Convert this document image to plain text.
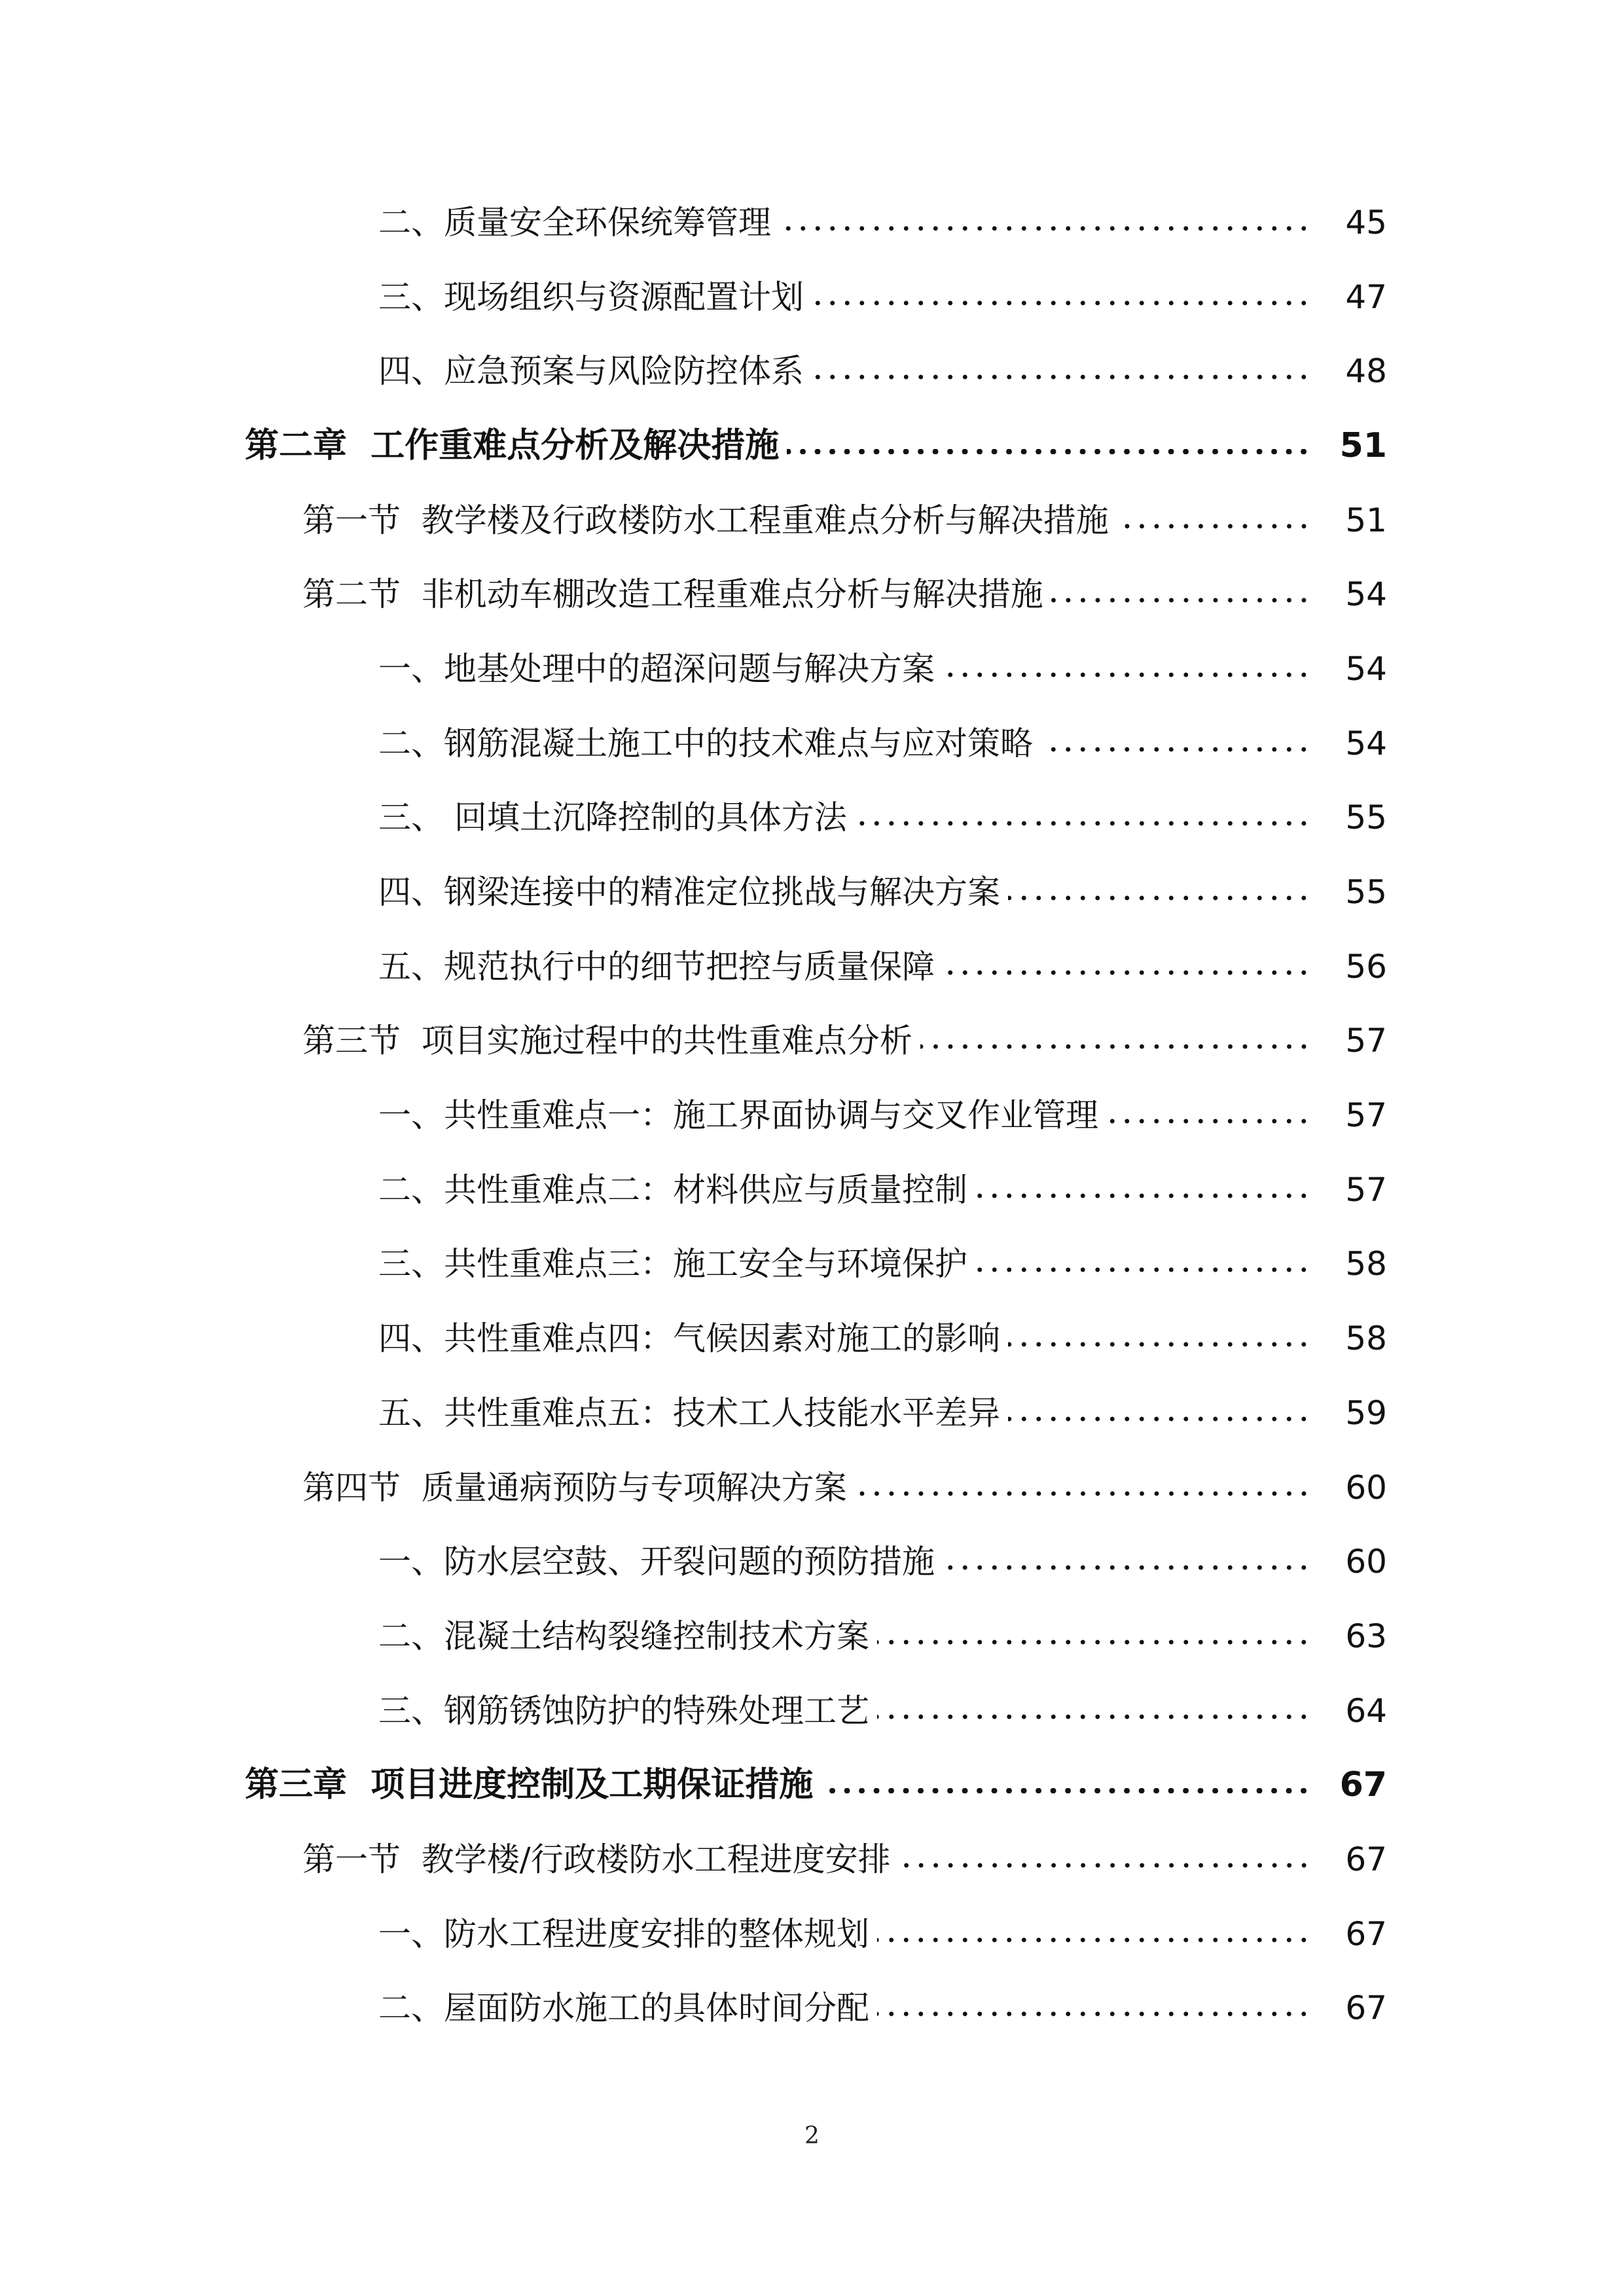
二、质量安全环保统筹管理	45
三、现场组织与资源配置计划	47
四、应急预案与风险防控体系	48
第二章  工作重难点分析及解决措施	51
第一节  教学楼及行政楼防水工程重难点分析与解决措施	51
第二节  非机动车棚改造工程重难点分析与解决措施	54
一、地基处理中的超深问题与解决方案	54
二、钢筋混凝土施工中的技术难点与应对策略	54
三、 回填土沉降控制的具体方法	55
四、钢梁连接中的精准定位挑战与解决方案	55
五、规范执行中的细节把控与质量保障	56
第三节  项目实施过程中的共性重难点分析	57
一、共性重难点一：施工界面协调与交叉作业管理	57
二、共性重难点二：材料供应与质量控制	57
三、共性重难点三：施工安全与环境保护	58
四、共性重难点四：气候因素对施工的影响	58
五、共性重难点五：技术工人技能水平差异	59
第四节  质量通病预防与专项解决方案	60
一、防水层空鼓、开裂问题的预防措施	60
二、混凝土结构裂缝控制技术方案	63
三、钢筋锈蚀防护的特殊处理工艺	64
第三章  项目进度控制及工期保证措施	67
第一节  教学楼/行政楼防水工程进度安排	67
一、防水工程进度安排的整体规划	67
二、屋面防水施工的具体时间分配	67
2
